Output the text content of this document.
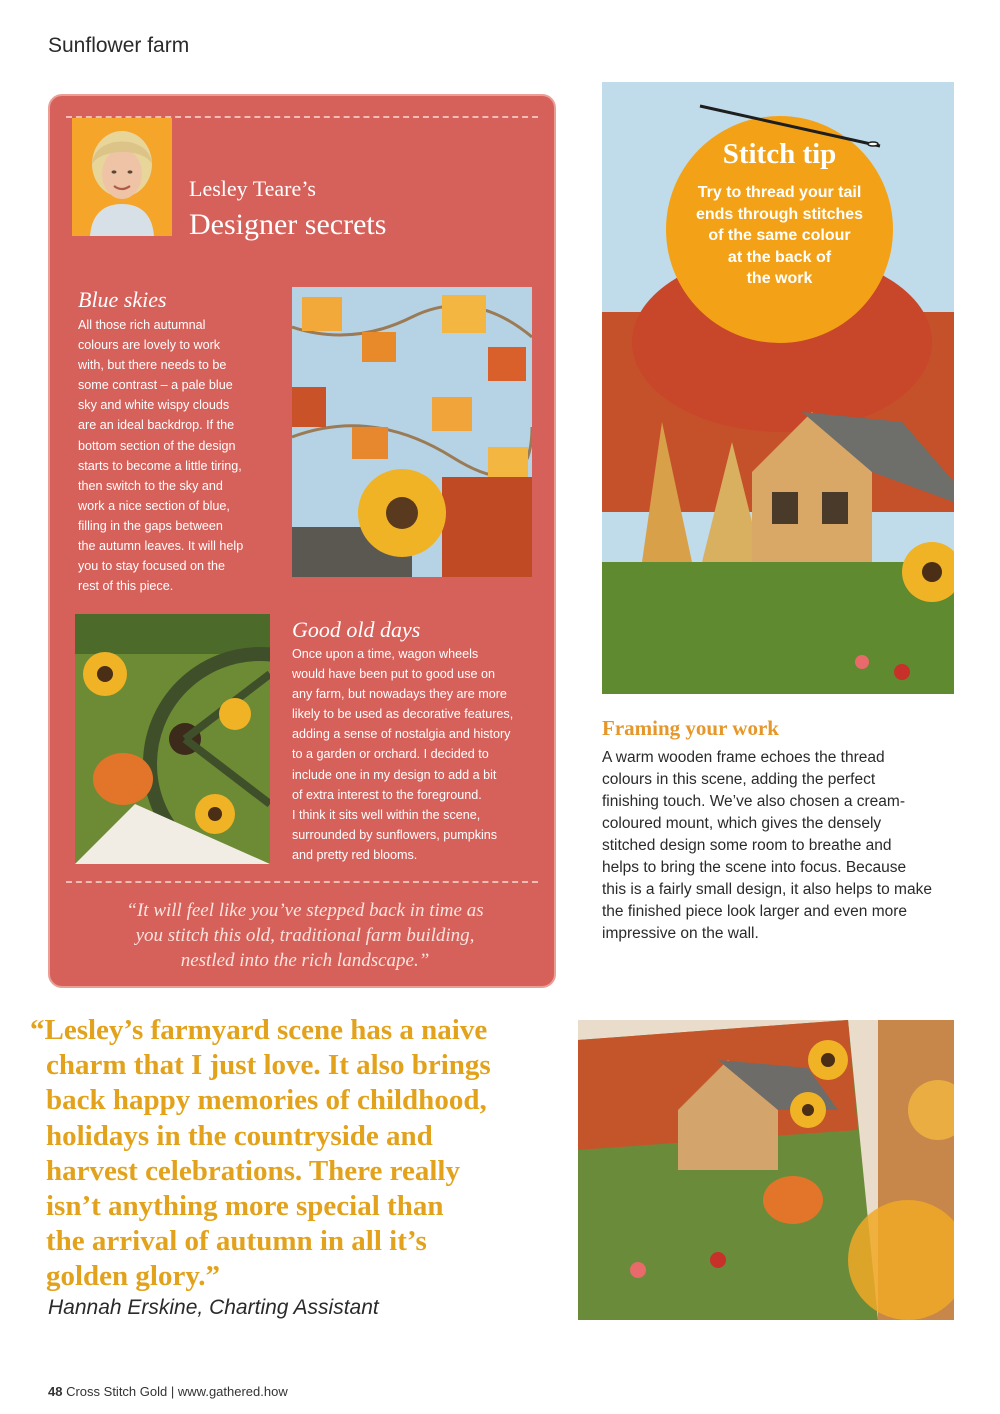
Sunflower farm
Lesley Teare’s
Designer secrets
Blue skies
All those rich autumnal
colours are lovely to work
with, but there needs to be
some contrast – a pale blue
sky and white wispy clouds
are an ideal backdrop. If the
bottom section of the design
starts to become a little tiring,
then switch to the sky and
work a nice section of blue,
filling in the gaps between
the autumn leaves. It will help
you to stay focused on the
rest of this piece.
Good old days
Once upon a time, wagon wheels
would have been put to good use on
any farm, but nowadays they are more
likely to be used as decorative features,
adding a sense of nostalgia and history
to a garden or orchard. I decided to
include one in my design to add a bit
of extra interest to the foreground.
I think it sits well within the scene,
surrounded by sunflowers, pumpkins
and pretty red blooms.
“It will feel like you’ve stepped back in time as
you stitch this old, traditional farm building,
nestled into the rich landscape.”
Stitch tip
Try to thread your tail
ends through stitches
of the same colour
at the back of
the work
Framing your work
A warm wooden frame echoes the thread
colours in this scene, adding the perfect
finishing touch. We’ve also chosen a cream-
coloured mount, which gives the densely
stitched design some room to breathe and
helps to bring the scene into focus. Because
this is a fairly small design, it also helps to make
the finished piece look larger and even more
impressive on the wall.
“Lesley’s farmyard scene has a naive
charm that I just love. It also brings
back happy memories of childhood,
holidays in the countryside and
harvest celebrations. There really
isn’t anything more special than
the arrival of autumn in all it’s
golden glory.”
Hannah Erskine, Charting Assistant
48 Cross Stitch Gold | www.gathered.how
